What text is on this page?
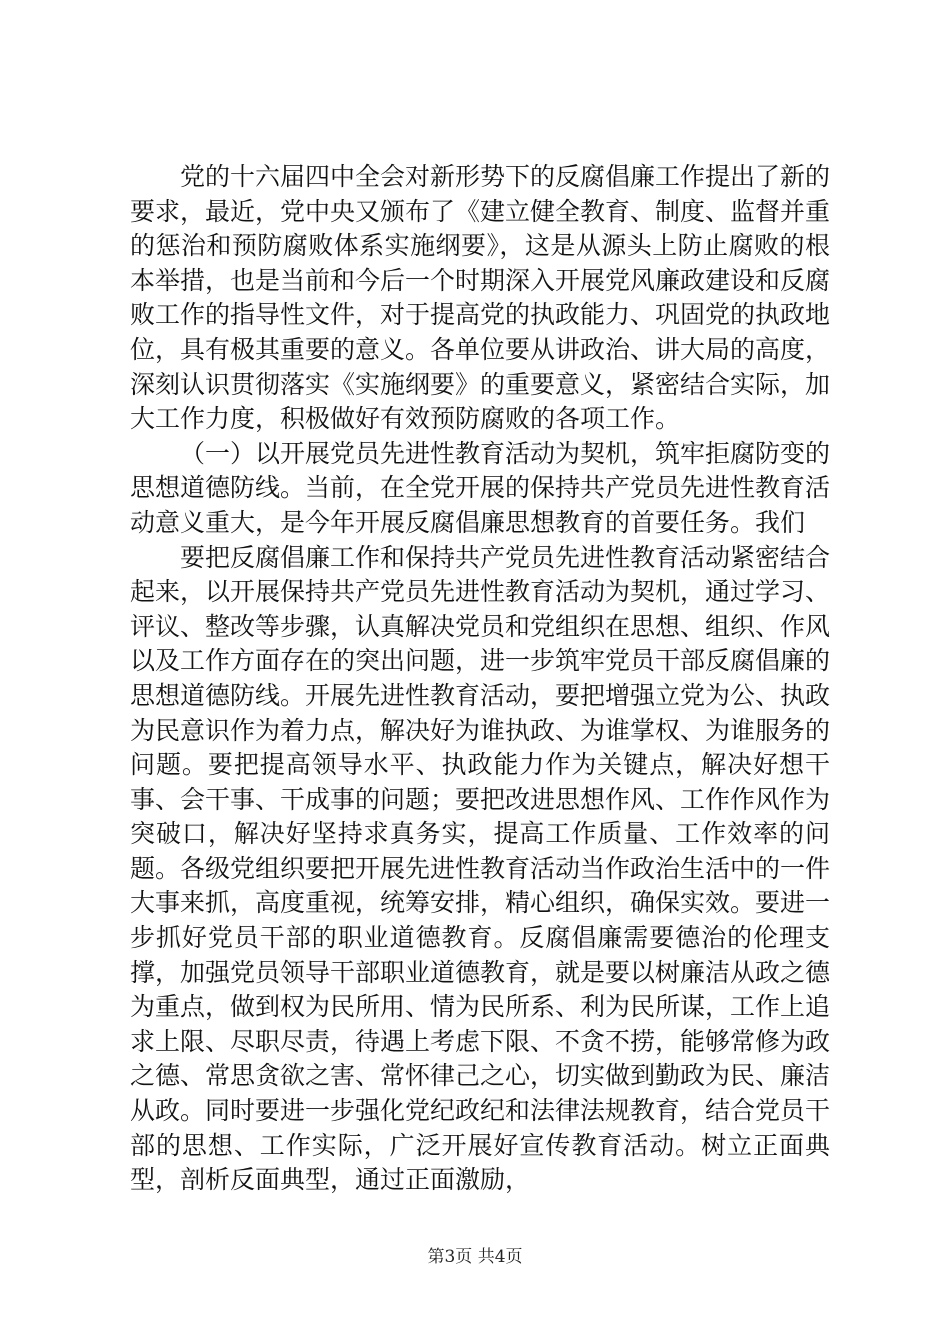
党的十六届四中全会对新形势下的反腐倡廉工作提出了新的要求，最近，党中央又颁布了《建立健全教育、制度、监督并重的惩治和预防腐败体系实施纲要》，这是从源头上防止腐败的根本举措，也是当前和今后一个时期深入开展党风廉政建设和反腐败工作的指导性文件，对于提高党的执政能力、巩固党的执政地位，具有极其重要的意义。各单位要从讲政治、讲大局的高度，深刻认识贯彻落实《实施纲要》的重要意义，紧密结合实际，加大工作力度，积极做好有效预防腐败的各项工作。

（一）以开展党员先进性教育活动为契机，筑牢拒腐防变的思想道德防线。当前，在全党开展的保持共产党员先进性教育活动意义重大，是今年开展反腐倡廉思想教育的首要任务。我们

要把反腐倡廉工作和保持共产党员先进性教育活动紧密结合起来，以开展保持共产党员先进性教育活动为契机，通过学习、评议、整改等步骤，认真解决党员和党组织在思想、组织、作风以及工作方面存在的突出问题，进一步筑牢党员干部反腐倡廉的思想道德防线。开展先进性教育活动，要把增强立党为公、执政为民意识作为着力点，解决好为谁执政、为谁掌权、为谁服务的问题。要把提高领导水平、执政能力作为关键点，解决好想干事、会干事、干成事的问题；要把改进思想作风、工作作风作为突破口，解决好坚持求真务实，提高工作质量、工作效率的问题。各级党组织要把开展先进性教育活动当作政治生活中的一件大事来抓，高度重视，统筹安排，精心组织，确保实效。要进一步抓好党员干部的职业道德教育。反腐倡廉需要德治的伦理支撑，加强党员领导干部职业道德教育，就是要以树廉洁从政之德为重点，做到权为民所用、情为民所系、利为民所谋，工作上追求上限、尽职尽责，待遇上考虑下限、不贪不捞，能够常修为政之德、常思贪欲之害、常怀律己之心，切实做到勤政为民、廉洁从政。同时要进一步强化党纪政纪和法律法规教育，结合党员干部的思想、工作实际，广泛开展好宣传教育活动。树立正面典型，剖析反面典型，通过正面激励，

第3页 共4页
